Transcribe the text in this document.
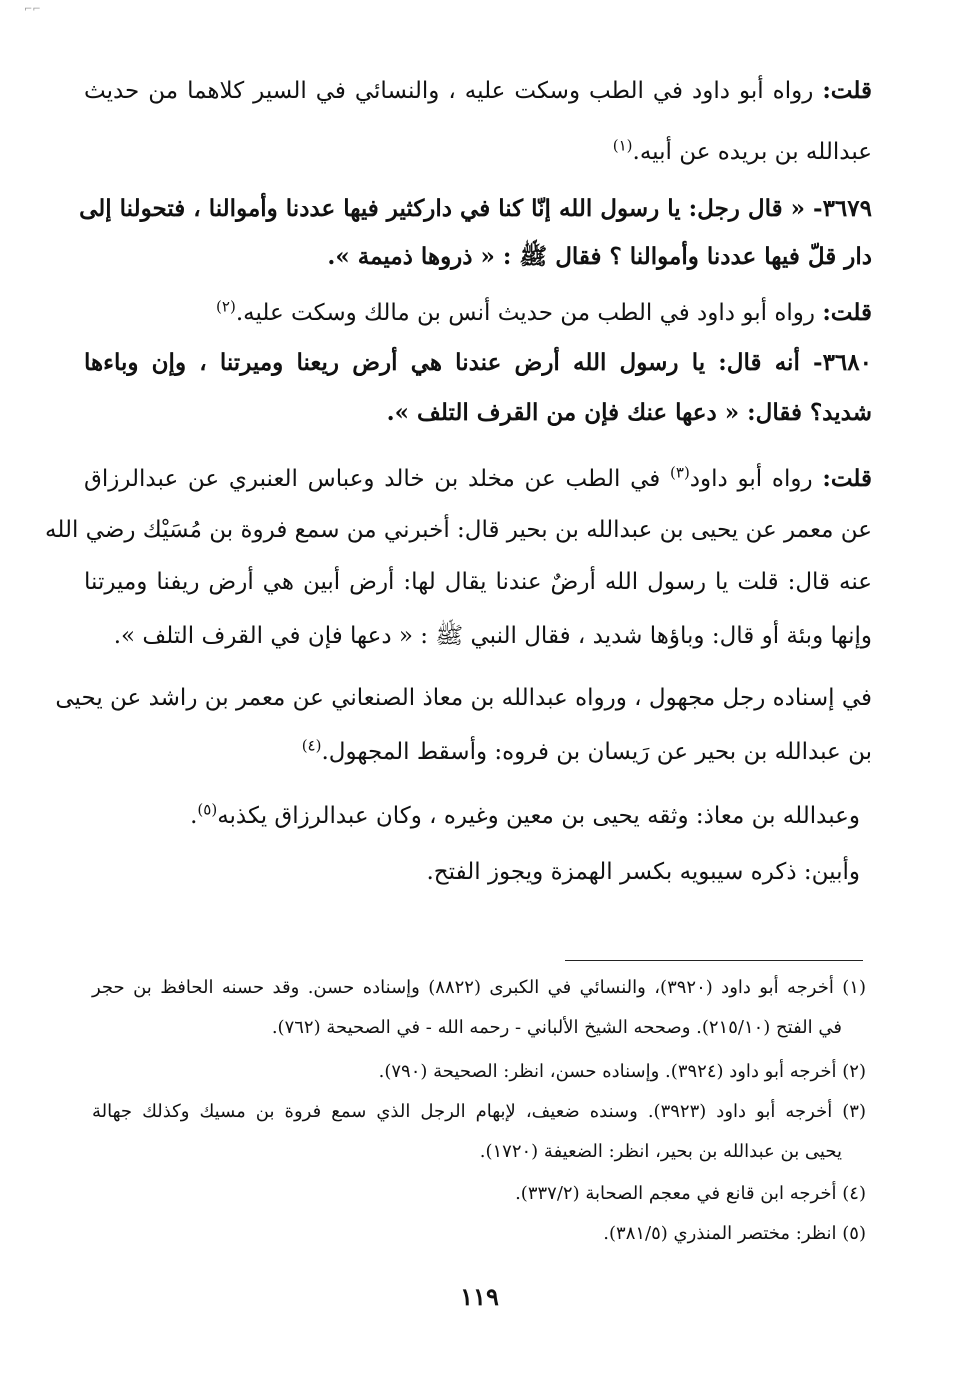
⌐⌐

قلت: رواه أبو داود في الطب وسكت عليه ، والنسائي في السير كلاهما من حديث

عبدالله بن بريده عن أبيه.$^{(١)}$

٣٦٧٩- « قال رجل: يا رسول الله إنّا كنا في داركثير فيها عددنا وأموالنا ، فتحولنا إلى

دار قلّ فيها عددنا وأموالنا ؟ فقال ﷺ : « ذروها ذميمة ».

قلت: رواه أبو داود في الطب من حديث أنس بن مالك وسكت عليه.$^{(٢)}$

٣٦٨٠- أنه قال: يا رسول الله أرض عندنا هي أرض ريعنا وميرتنا ، وإن وباءها

شديد؟ فقال: « دعها عنك فإن من القرف التلف ».

قلت: رواه أبو داود$^{(٣)}$ في الطب عن مخلد بن خالد وعباس العنبري عن عبدالرزاق

عن معمر عن يحيى بن عبدالله بن بحير قال: أخبرني من سمع فروة بن مُسَيْك رضي الله

عنه قال: قلت يا رسول الله أرضٌ عندنا يقال لها: أرض أبين هي أرض ريفنا وميرتنا

وإنها وبئة أو قال: وباؤها شديد ، فقال النبي ﷺ : « دعها فإن في القرف التلف ».

في إسناده رجل مجهول ، ورواه عبدالله بن معاذ الصنعاني عن معمر بن راشد عن يحيى

بن عبدالله بن بحير عن رَيسان بن فروه: وأسقط المجهول.$^{(٤)}$

وعبدالله بن معاذ: وثقه يحيى بن معين وغيره ، وكان عبدالرزاق يكذبه$^{(٥)}$.

وأبين: ذكره سيبويه بكسر الهمزة ويجوز الفتح.

(١) أخرجه أبو داود (٣٩٢٠)، والنسائي في الكبرى (٨٨٢٢) وإسناده حسن. وقد حسنه الحافظ بن حجر

في الفتح (٢١٥/١٠). وصححه الشيخ الألباني - رحمه الله - في الصحيحة (٧٦٢).

(٢) أخرجه أبو داود (٣٩٢٤). وإسناده حسن، انظر: الصحيحة (٧٩٠).

(٣) أخرجه أبو داود (٣٩٢٣). وسنده ضعيف، لإبهام الرجل الذي سمع فروة بن مسيك وكذلك جهالة

يحيى بن عبدالله بن بحير، انظر: الضعيفة (١٧٢٠).

(٤) أخرجه ابن قانع في معجم الصحابة (٣٣٧/٢).

(٥) انظر: مختصر المنذري (٣٨١/٥).

١١٩
